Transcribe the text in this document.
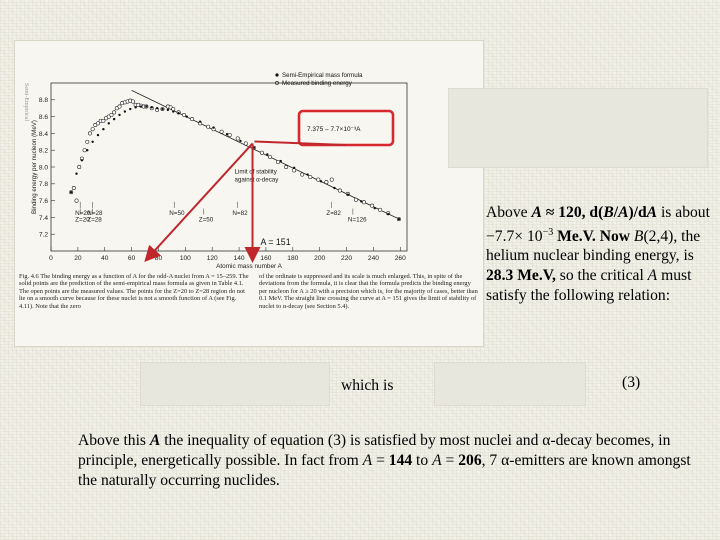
Semi-Empirical
7.2
7.4
7.6
7.8
8.0
8.2
8.4
8.6
8.8
0	20	40	60	80	100 120 140 160 180 200 220 240 260
Binding energy per nucleon (MeV)
Atomic mass number A
Semi-Empirical mass formula
Measured binding energy
Limit of stability
against α-decay
N=20
N=28
Z=20
Z=28
N=50
Z=50
N=82	Z=82
N=126
7.375 – 7.7×10⁻³A
A = 151
Fig. 4.6 The binding energy as a function of A for the odd-A nuclei from A = 15–259. The solid points are the prediction of the semi-empirical mass formula as given in Table 4.1. The open points are the measured values. The points for the Z=20 to Z=28 region do not lie on a smooth curve because for these nuclei is not a smooth function of A (see Fig. 4.11). Note that the zero
of the ordinate is suppressed and its scale is much enlarged. This, in spite of the deviations from the formula, it is clear that the formula predicts the binding energy per nucleon for A ≥ 20 with a precision which is, for the majority of cases, better than 0.1 MeV. The straight line crossing the curve at A = 151 gives the limit of stability of nuclei to α-decay (see Section 5.4).
Above A ≈ 120, d(B/A)/dA is about $-7.7\times 10^{-3}$ Me.V. Now B(2,4), the helium nuclear binding energy, is 28.3 Me.V, so the critical A must satisfy the following relation:
which is	(3)
Above this A the inequality of equation (3) is satisfied by most nuclei and α-decay becomes, in principle, energetically possible. In fact from A = 144 to A = 206, 7 α-emitters are known amongst the naturally occurring nuclides.
